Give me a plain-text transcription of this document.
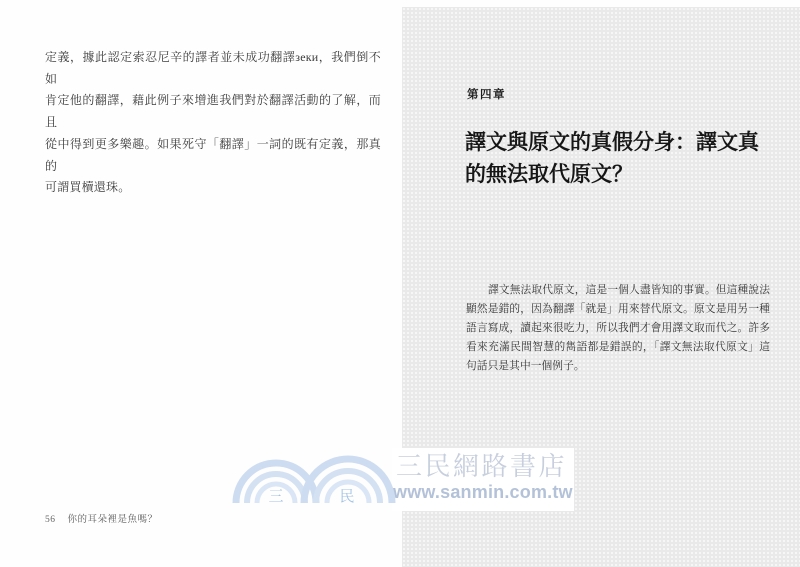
定義，據此認定索忍尼辛的譯者並未成功翻譯зеки，我們倒不如
肯定他的翻譯，藉此例子來增進我們對於翻譯活動的了解，而且
從中得到更多樂趣。如果死守「翻譯」一詞的既有定義，那真的
可謂買櫝還珠。
56 你的耳朵裡是魚嗎？
第四章
譯文與原文的真假分身：譯文真的無法取代原文？
譯文無法取代原文，這是一個人盡皆知的事實。但這種說法
顯然是錯的，因為翻譯「就是」用來替代原文。原文是用另一種
語言寫成，讀起來很吃力，所以我們才會用譯文取而代之。許多
看來充滿民間智慧的雋語都是錯誤的，「譯文無法取代原文」這
句話只是其中一個例子。
三民網路書店
www.sanmin.com.tw
三	民
